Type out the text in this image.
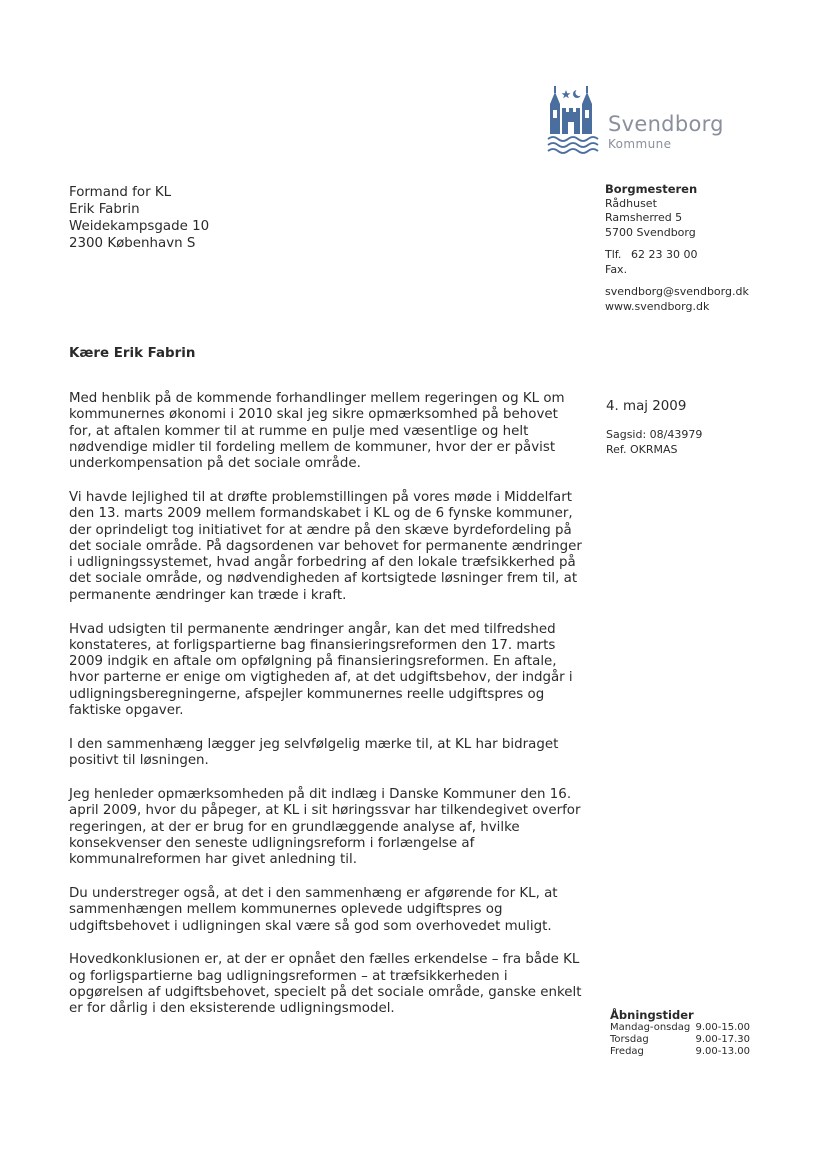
Svendborg
Kommune
Formand for KL
Erik Fabrin
Weidekampsgade 10
2300 København S
Borgmesteren
Rådhuset
Ramsherred 5
5700 Svendborg
Tlf. 62 23 30 00
Fax.
svendborg@svendborg.dk
www.svendborg.dk
Kære Erik Fabrin
4. maj 2009
Sagsid: 08/43979
Ref. OKRMAS
Med henblik på de kommende forhandlinger mellem regeringen og KL om
kommunernes økonomi i 2010 skal jeg sikre opmærksomhed på behovet
for, at aftalen kommer til at rumme en pulje med væsentlige og helt
nødvendige midler til fordeling mellem de kommuner, hvor der er påvist
underkompensation på det sociale område.
Vi havde lejlighed til at drøfte problemstillingen på vores møde i Middelfart
den 13. marts 2009 mellem formandskabet i KL og de 6 fynske kommuner,
der oprindeligt tog initiativet for at ændre på den skæve byrdefordeling på
det sociale område. På dagsordenen var behovet for permanente ændringer
i udligningssystemet, hvad angår forbedring af den lokale træfsikkerhed på
det sociale område, og nødvendigheden af kortsigtede løsninger frem til, at
permanente ændringer kan træde i kraft.
Hvad udsigten til permanente ændringer angår, kan det med tilfredshed
konstateres, at forligspartierne bag finansieringsreformen den 17. marts
2009 indgik en aftale om opfølgning på finansieringsreformen. En aftale,
hvor parterne er enige om vigtigheden af, at det udgiftsbehov, der indgår i
udligningsberegningerne, afspejler kommunernes reelle udgiftspres og
faktiske opgaver.
I den sammenhæng lægger jeg selvfølgelig mærke til, at KL har bidraget
positivt til løsningen.
Jeg henleder opmærksomheden på dit indlæg i Danske Kommuner den 16.
april 2009, hvor du påpeger, at KL i sit høringssvar har tilkendegivet overfor
regeringen, at der er brug for en grundlæggende analyse af, hvilke
konsekvenser den seneste udligningsreform i forlængelse af
kommunalreformen har givet anledning til.
Du understreger også, at det i den sammenhæng er afgørende for KL, at
sammenhængen mellem kommunernes oplevede udgiftspres og
udgiftsbehovet i udligningen skal være så god som overhovedet muligt.
Hovedkonklusionen er, at der er opnået den fælles erkendelse – fra både KL
og forligspartierne bag udligningsreformen – at træfsikkerheden i
opgørelsen af udgiftsbehovet, specielt på det sociale område, ganske enkelt
er for dårlig i den eksisterende udligningsmodel.	Åbningstider
Mandag-onsdag 9.00-15.00
Torsdag	9.00-17.30
Fredag	9.00-13.00
